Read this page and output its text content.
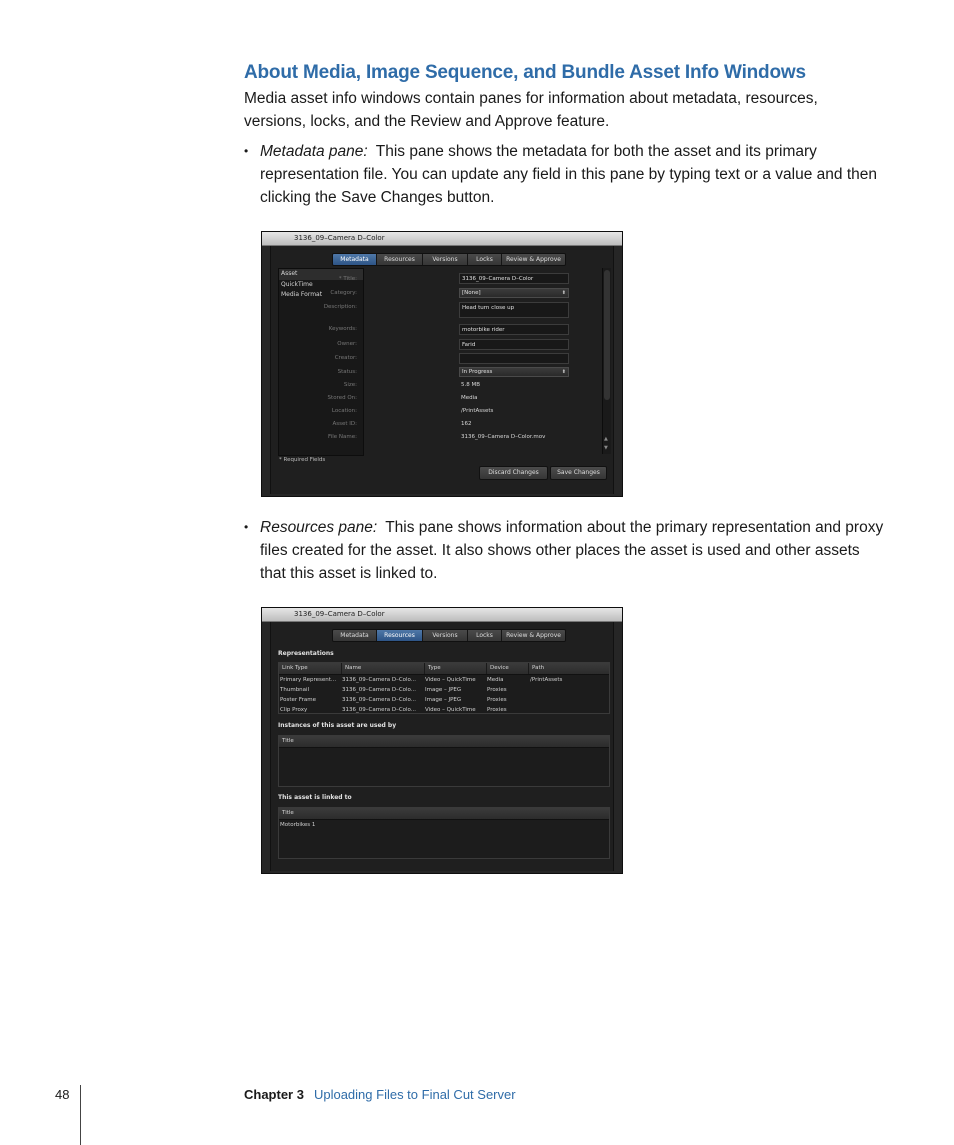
About Media, Image Sequence, and Bundle Asset Info Windows

Media asset info windows contain panes for information about metadata, resources, versions, locks, and the Review and Approve feature.

• Metadata pane: This pane shows the metadata for both the asset and its primary representation file. You can update any field in this pane by typing text or a value and then clicking the Save Changes button.
3136_09–Camera D–Color
Metadata	Resources	Versions	Locks	Review & Approve
Asset
QuickTime
Media Format
* Title:	3136_09–Camera D–Color
Category:	[None]	⬍
Description:	Head turn close up
Keywords:	motorbike rider
Owner:	Farid
Creator:
Status:	In Progress	⬍
Size:	5.8 MB
Stored On:	Media
Location:	/PrintAssets
Asset ID:	162
File Name:	3136_09–Camera D–Color.mov	▲
▼
* Required Fields
Discard Changes	Save Changes
• Resources pane: This pane shows information about the primary representation and proxy files created for the asset. It also shows other places the asset is used and other assets that this asset is linked to.
3136_09–Camera D–Color
Metadata	Resources	Versions	Locks	Review & Approve
Representations
Link Type	Name	Type	Device	Path
Primary Represent...	3136_09–Camera D–Colo...	Video – QuickTime	Media	/PrintAssets
Thumbnail	3136_09–Camera D–Colo...	Image – JPEG	Proxies
Poster Frame	3136_09–Camera D–Colo...	Image – JPEG	Proxies
Clip Proxy	3136_09–Camera D–Colo...	Video – QuickTime	Proxies
Instances of this asset are used by
Title
This asset is linked to
Title
Motorbikes 1
48	Chapter 3 Uploading Files to Final Cut Server
